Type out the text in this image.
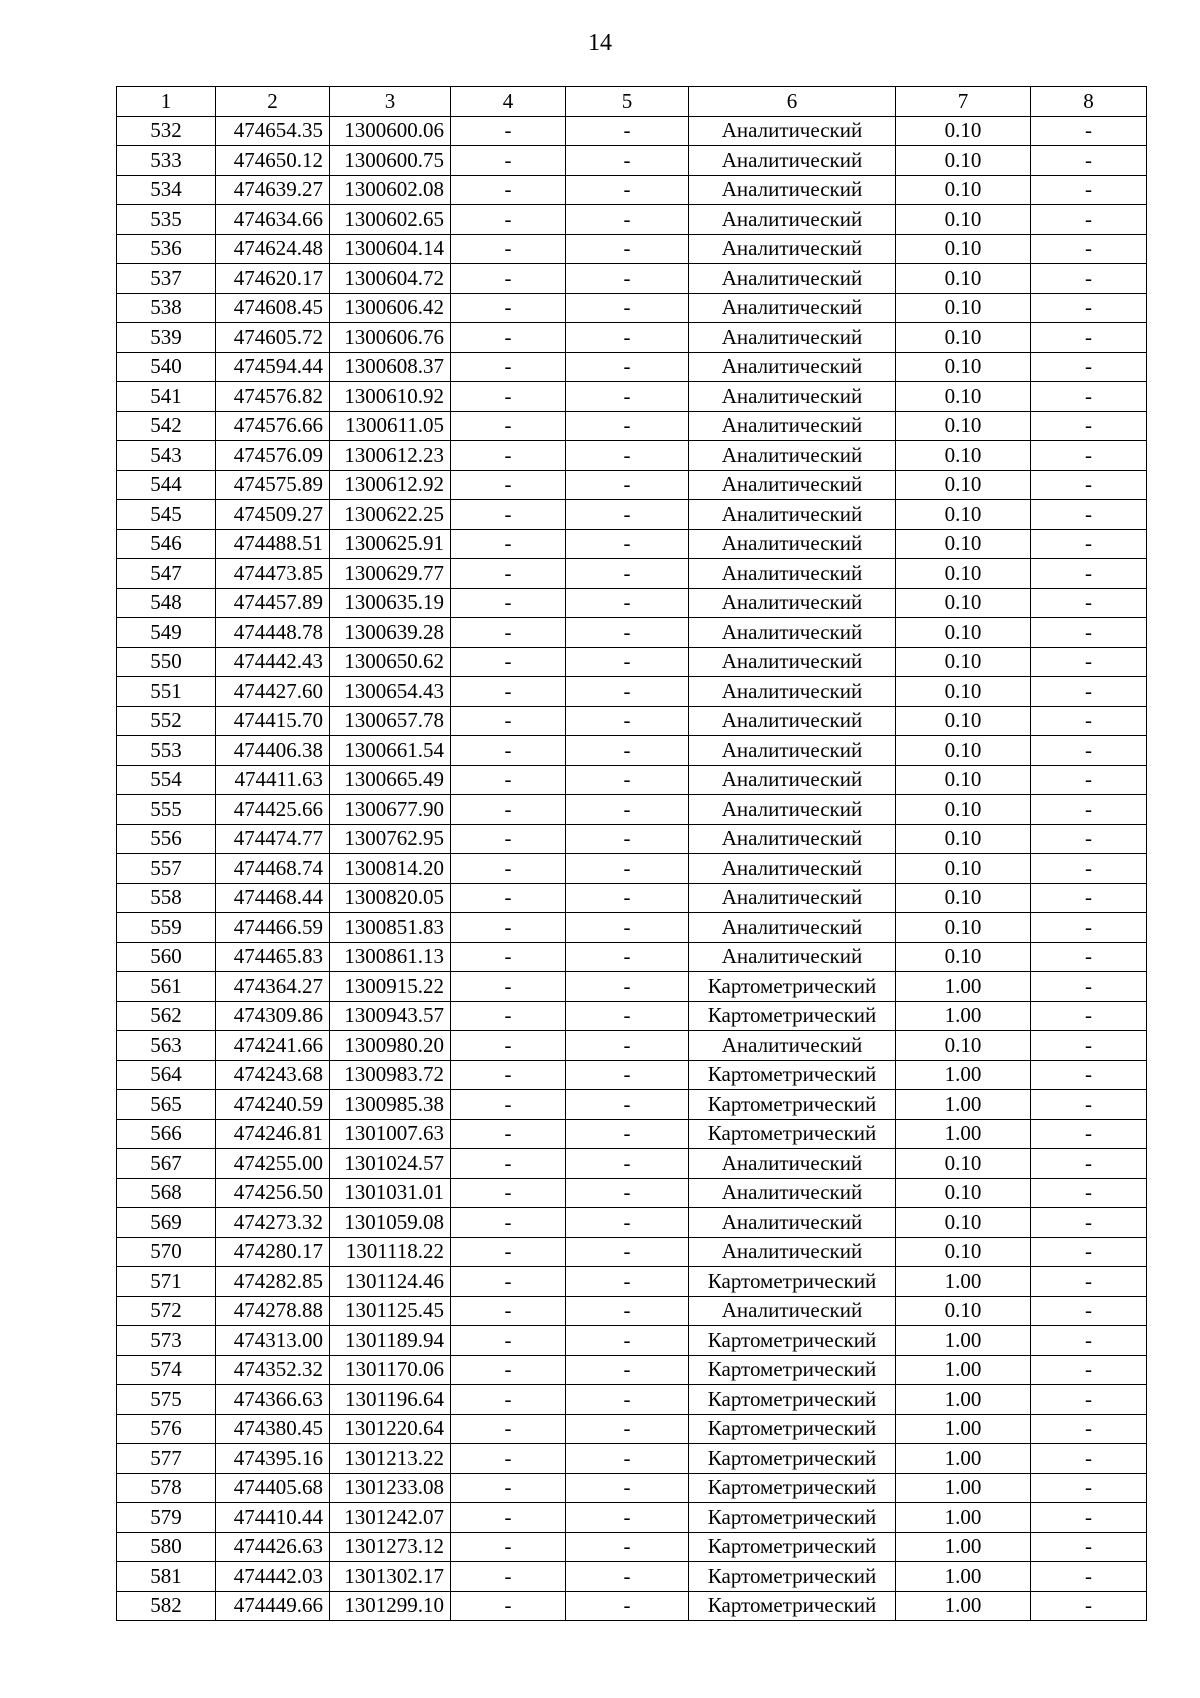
14
1	2	3	4	5	6	7	8
532	474654.35	1300600.06	-	-	Аналитический	0.10	-
533	474650.12	1300600.75	-	-	Аналитический	0.10	-
534	474639.27	1300602.08	-	-	Аналитический	0.10	-
535	474634.66	1300602.65	-	-	Аналитический	0.10	-
536	474624.48	1300604.14	-	-	Аналитический	0.10	-
537	474620.17	1300604.72	-	-	Аналитический	0.10	-
538	474608.45	1300606.42	-	-	Аналитический	0.10	-
539	474605.72	1300606.76	-	-	Аналитический	0.10	-
540	474594.44	1300608.37	-	-	Аналитический	0.10	-
541	474576.82	1300610.92	-	-	Аналитический	0.10	-
542	474576.66	1300611.05	-	-	Аналитический	0.10	-
543	474576.09	1300612.23	-	-	Аналитический	0.10	-
544	474575.89	1300612.92	-	-	Аналитический	0.10	-
545	474509.27	1300622.25	-	-	Аналитический	0.10	-
546	474488.51	1300625.91	-	-	Аналитический	0.10	-
547	474473.85	1300629.77	-	-	Аналитический	0.10	-
548	474457.89	1300635.19	-	-	Аналитический	0.10	-
549	474448.78	1300639.28	-	-	Аналитический	0.10	-
550	474442.43	1300650.62	-	-	Аналитический	0.10	-
551	474427.60	1300654.43	-	-	Аналитический	0.10	-
552	474415.70	1300657.78	-	-	Аналитический	0.10	-
553	474406.38	1300661.54	-	-	Аналитический	0.10	-
554	474411.63	1300665.49	-	-	Аналитический	0.10	-
555	474425.66	1300677.90	-	-	Аналитический	0.10	-
556	474474.77	1300762.95	-	-	Аналитический	0.10	-
557	474468.74	1300814.20	-	-	Аналитический	0.10	-
558	474468.44	1300820.05	-	-	Аналитический	0.10	-
559	474466.59	1300851.83	-	-	Аналитический	0.10	-
560	474465.83	1300861.13	-	-	Аналитический	0.10	-
561	474364.27	1300915.22	-	-	Картометрический	1.00	-
562	474309.86	1300943.57	-	-	Картометрический	1.00	-
563	474241.66	1300980.20	-	-	Аналитический	0.10	-
564	474243.68	1300983.72	-	-	Картометрический	1.00	-
565	474240.59	1300985.38	-	-	Картометрический	1.00	-
566	474246.81	1301007.63	-	-	Картометрический	1.00	-
567	474255.00	1301024.57	-	-	Аналитический	0.10	-
568	474256.50	1301031.01	-	-	Аналитический	0.10	-
569	474273.32	1301059.08	-	-	Аналитический	0.10	-
570	474280.17	1301118.22	-	-	Аналитический	0.10	-
571	474282.85	1301124.46	-	-	Картометрический	1.00	-
572	474278.88	1301125.45	-	-	Аналитический	0.10	-
573	474313.00	1301189.94	-	-	Картометрический	1.00	-
574	474352.32	1301170.06	-	-	Картометрический	1.00	-
575	474366.63	1301196.64	-	-	Картометрический	1.00	-
576	474380.45	1301220.64	-	-	Картометрический	1.00	-
577	474395.16	1301213.22	-	-	Картометрический	1.00	-
578	474405.68	1301233.08	-	-	Картометрический	1.00	-
579	474410.44	1301242.07	-	-	Картометрический	1.00	-
580	474426.63	1301273.12	-	-	Картометрический	1.00	-
581	474442.03	1301302.17	-	-	Картометрический	1.00	-
582	474449.66	1301299.10	-	-	Картометрический	1.00	-
